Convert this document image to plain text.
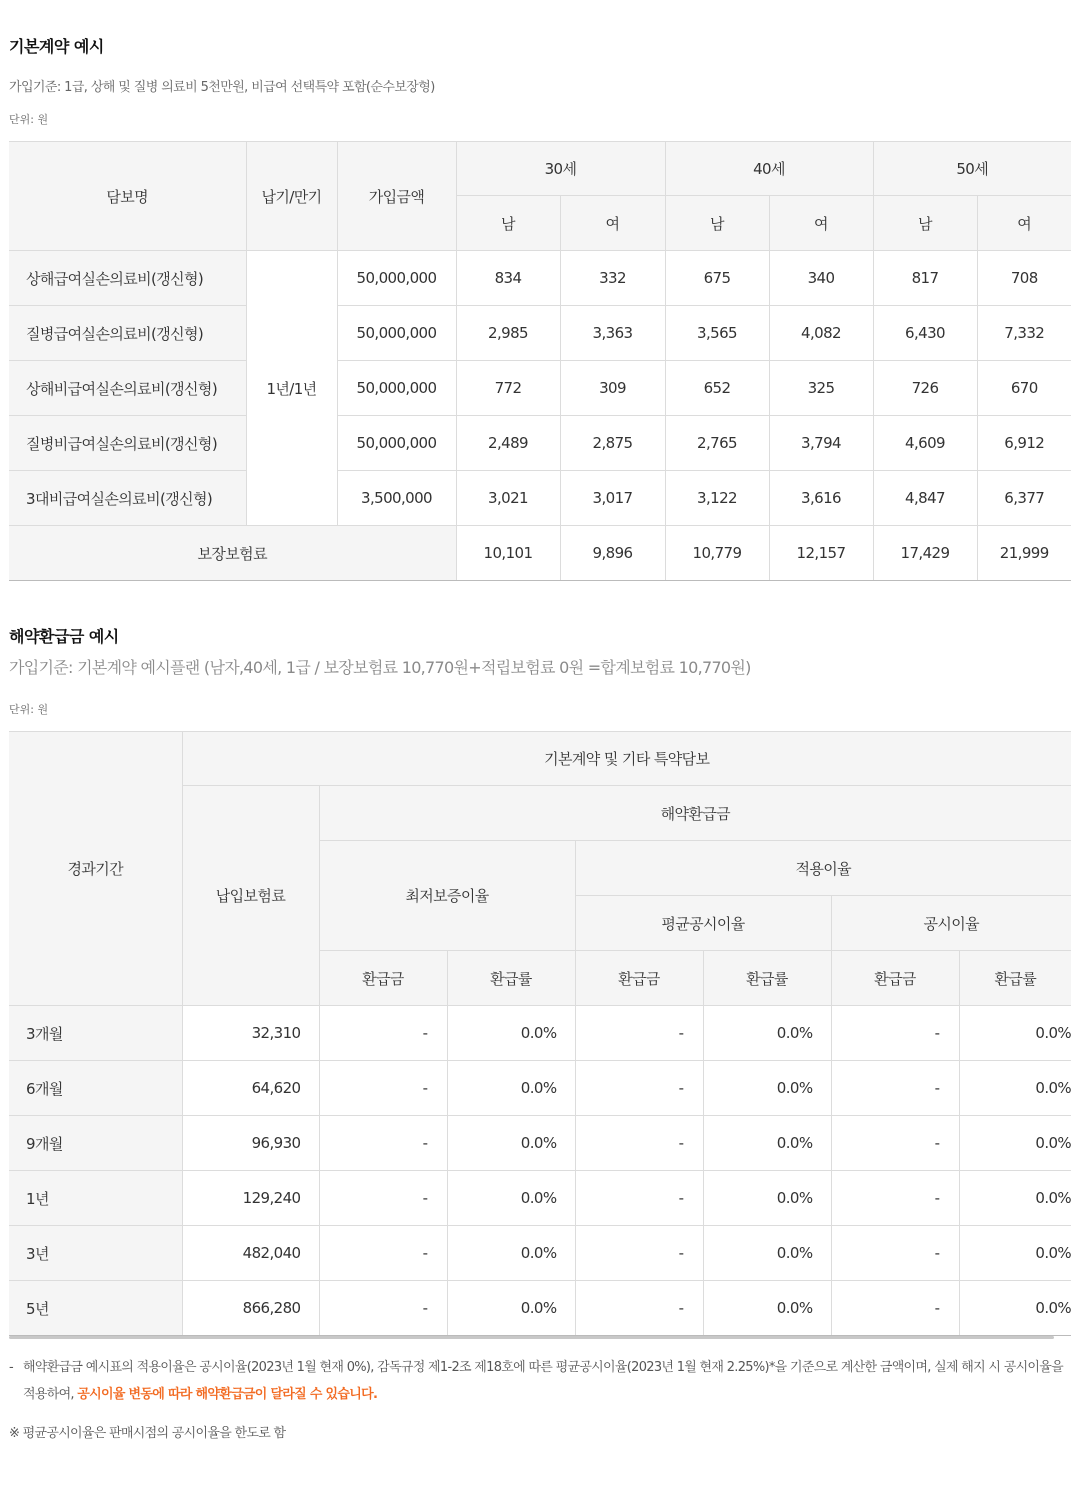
기본계약 예시
가입기준: 1급, 상해 및 질병 의료비 5천만원, 비급여 선택특약 포함(순수보장형)
단위: 원
담보명	납기/만기	가입금액	30세		40세		50세	
			남	여	남	여	남	여
상해급여실손의료비(갱신형)	1년/1년	50,000,000	834	332	675	340	817	708
질병급여실손의료비(갱신형)		50,000,000	2,985	3,363	3,565	4,082	6,430	7,332
상해비급여실손의료비(갱신형)		50,000,000	772	309	652	325	726	670
질병비급여실손의료비(갱신형)		50,000,000	2,489	2,875	2,765	3,794	4,609	6,912
3대비급여실손의료비(갱신형)		3,500,000	3,021	3,017	3,122	3,616	4,847	6,377
보장보험료			10,101	9,896	10,779	12,157	17,429	21,999
해약환급금 예시
가입기준: 기본계약 예시플랜 (남자,40세, 1급 / 보장보험료 10,770원+적립보험료 0원 =합계보험료 10,770원)
단위: 원
경과기간	기본계약 및 기타 특약담보						
	납입보험료	해약환급금					
		최저보증이율		적용이율			
				평균공시이율		공시이율	
		환급금	환급률	환급금	환급률	환급금	환급률
3개월	32,310	-	0.0%	-	0.0%	-	0.0%
6개월	64,620	-	0.0%	-	0.0%	-	0.0%
9개월	96,930	-	0.0%	-	0.0%	-	0.0%
1년	129,240	-	0.0%	-	0.0%	-	0.0%
3년	482,040	-	0.0%	-	0.0%	-	0.0%
5년	866,280	-	0.0%	-	0.0%	-	0.0%
- 해약환급금 예시표의 적용이율은 공시이율(2023년 1월 현재 0%), 감독규정 제1-2조 제18호에 따른 평균공시이율(2023년 1월 현재 2.25%)*을 기준으로 계산한 금액이며, 실제 해지 시 공시이율을 적용하여, 공시이율 변동에 따라 해약환급금이 달라질 수 있습니다.
※ 평균공시이율은 판매시점의 공시이율을 한도로 함
